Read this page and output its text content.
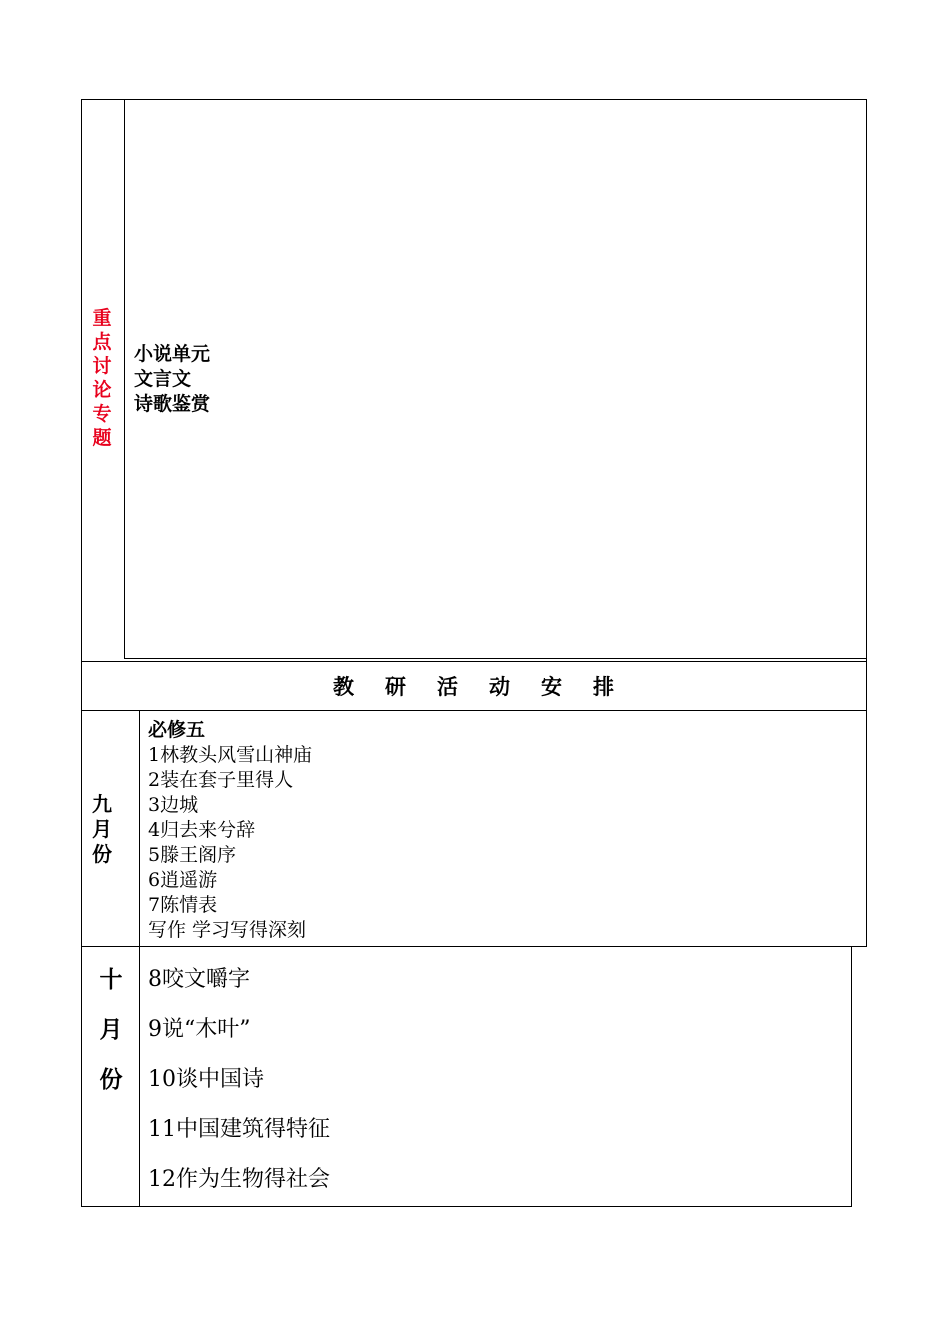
重
点
讨
论
专
题
小说单元
文言文
诗歌鉴赏
教 研 活 动 安 排
九
月
份
必修五
1林教头风雪山神庙
2装在套子里得人
3边城
4归去来兮辞
5滕王阁序
6逍遥游
7陈情表
写作 学习写得深刻
十
月
份
8咬文嚼字
9说“木叶”
10谈中国诗
11中国建筑得特征
12作为生物得社会
